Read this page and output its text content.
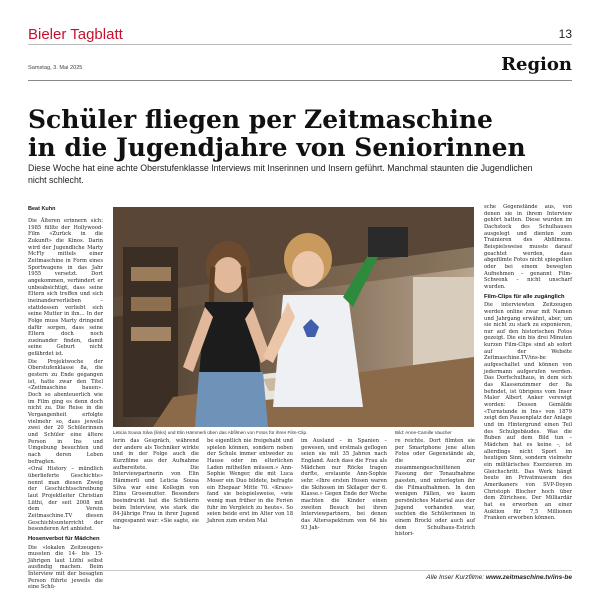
Bieler Tagblatt	13
Samstag, 3. Mai 2025	Region
Schüler fliegen per Zeitmaschine
in die Jugendjahre von Seniorinnen

Diese Woche hat eine achte Oberstufenklasse Interviews mit Inserinnen und Insern geführt. Manchmal staunten die Jugendlichen nicht schlecht.

Beat Kuhn

Die Älteren erinnern sich: 1985 füllte der Hollywood-Film «Zurück in die Zukunft» die Kinos. Darin wird der Jugendliche Marty McFly mittels einer Zeitmaschine in Form eines Sportwagens in das Jahr 1955 versetzt. Dort angekommen, verhindert er unbeabsichtigt, dass seine Eltern sich treffen und sich ineinanderverlieben – stattdessen verliebt sich seine Mutter in ihn… In der Folge muss Marty dringend dafür sorgen, dass seine Eltern doch noch zueinander finden, damit seine Geburt nicht gefährdet ist.

Die Projektwoche der Oberstufenklasse 8a, die gestern zu Ende gegangen ist, hatte zwar den Titel «Zeitmaschine bauen». Doch so abenteuerlich wie im Film ging es denn doch nicht zu. Die Reise in die Vergangenheit erfolgte vielmehr so, dass jeweils zwei der 20 Schülerinnen und Schüler eine ältere Person in Ins und Umgebung besuchten und nach deren Leben befragten.

«Oral History – mündlich überlieferte Geschichte» nennt man diesen Zweig der Geschichtsschreibung laut Projektleiter Christian Lüthi, der seit 2008 mit dem Verein Zeitmaschine.TV diesen Geschichtsunterricht der besonderen Art anbietet.

Hosenverbot für Mädchen

Die «lokalen Zeitzeugen» mussten die 14- bis 15-Jährigen laut Lüthi selbst ausfindig machen. Beim Interview mit der besagten Person führte jeweils die eine Schü-

Leticia Sousa Silva (links) und Elin Hämmerli üben das Abfilmen von Fotos für ihren Film-Clip.	Bild: Anne-Camille Vaucher

lerin das Gespräch, während der andere als Techniker wirkte und in der Folge auch die Kurzfilme aus der Aufnahme aufbereitete. Die Interviewpartnerin von Elin Hämmerli und Leticia Sousa Silva war eine Kollegin von Elins Grossmutter. Besonders beeindruckt hat die Schülerin beim Interview, wie stark die 84-Jährige Frau in ihrer Jugend eingespannt war: «Sie sagte, sie ha-

be eigentlich nie freigehabt und spielen können, sondern neben der Schule immer entweder zu Hause oder im elterlichen Laden mithelfen müssen.» Ann-Sophie Wenger, die mit Luca Moser ein Duo bildete, befragte ein Ehepaar Mitte 70. «Krass» fand sie beispielsweise, «wie wenig man früher in die Ferien fuhr im Vergleich zu heute». So seien beide erst im Alter von 18 Jahren zum ersten Mal

im Ausland – in Spanien – gewesen, und erstmals geflogen seien sie mit 35 Jahren nach England. Auch dass die Frau als Mädchen nur Röcke tragen durfte, erstaunte Ann-Sophie sehr. «Ihre ersten Hosen waren die Skihosen im Skilager der 6. Klasse.» Gegen Ende der Woche machten die Kinder einen zweiten Besuch bei ihren Interviewpartnern, bei denen das Altersspektrum von 64 bis 93 Jah-

re reichte. Dort filmten sie per Smartphone jene alten Fotos oder Gegenstände ab, die zur zusammengeschnittenen Fassung der Tonaufnahme passten, und unterlegten ihr die Filmaufnahmen. In den wenigen Fällen, wo kaum persönliches Material aus der Jugend vorhanden war, suchten die Schülerinnen in einem Brocki oder auch auf dem Schulhaus-Estrich histori-

sche Gegenstände aus, von denen sie in ihrem Interview gehört hatten. Diese wurden im Dachstock des Schulhauses ausgelegt und dienten zum Trainieren des Abfilmens. Beispielsweise musste darauf geachtet werden, dass abgefilmte Fotos nicht spiegelten oder bei einem bewegten Aufnehmen – genannt Film-Schwenk – nicht unscharf wurden.

Film-Clips für alle zugänglich

Die interviewten Zeitzeugen werden online zwar mit Namen und Jahrgang erwähnt, aber, um sie nicht zu stark zu exponieren, nur auf den historischen Fotos gezeigt. Die ein bis drei Minuten kurzen Film-Clips sind ab sofort auf der Website Zeitmaschine.TV/ins-be aufgeschaltet und können von jedermann aufgerufen werden. Das Dorfschulhaus, in dem sich das Klassenzimmer der 8a befindet, ist übrigens vom Inser Maler Albert Anker verewigt worden: Dessen Gemälde «Turnstunde in Ins» von 1879 zeigt den Pausenplatz der Anlage und im Hintergrund einen Teil des Schulgebäudes. Was die Buben auf dem Bild tun – Mädchen hat es keine –, ist allerdings nicht Sport im heutigen Sinn, sondern vielmehr ein militärisches Exerzieren im Gleichschritt. Das Werk hängt heute im Privatmuseum des Amerikaners von SVP-Doyen Christoph Blocher hoch über dem Zürichsee. Der Milliardär hat es erworben an einer Auktion für 7,5 Millionen Franken erworben können.

Alle Inser Kurzfilme: www.zeitmaschine.tv/ins-be
